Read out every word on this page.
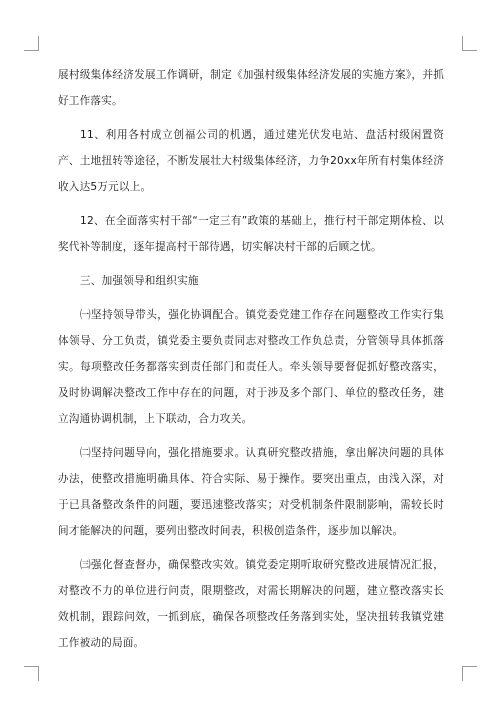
展村级集体经济发展工作调研，制定《加强村级集体经济发展的实施方案》，并抓好工作落实。

11、利用各村成立创福公司的机遇，通过建光伏发电站、盘活村级闲置资产、土地扭转等途径，不断发展壮大村级集体经济，力争20xx年所有村集体经济收入达5万元以上。

12、在全面落实村干部“一定三有”政策的基础上，推行村干部定期体检、以奖代补等制度，逐年提高村干部待遇，切实解决村干部的后顾之忧。

三、加强领导和组织实施

㈠坚持领导带头，强化协调配合。镇党委党建工作存在问题整改工作实行集体领导、分工负责，镇党委主要负责同志对整改工作负总责，分管领导具体抓落实。每项整改任务都落实到责任部门和责任人。牵头领导要督促抓好整改落实，及时协调解决整改工作中存在的问题，对于涉及多个部门、单位的整改任务，建立沟通协调机制，上下联动，合力攻关。

㈡坚持问题导向，强化措施要求。认真研究整改措施，拿出解决问题的具体办法，使整改措施明确具体、符合实际、易于操作。要突出重点，由浅入深，对于已具备整改条件的问题，要迅速整改落实；对受机制条件限制影响，需较长时间才能解决的问题，要列出整改时间表，积极创造条件，逐步加以解决。

㈢强化督查督办，确保整改实效。镇党委定期听取研究整改进展情况汇报，对整改不力的单位进行问责，限期整改，对需长期解决的问题，建立整改落实长效机制，跟踪问效，一抓到底，确保各项整改任务落到实处，坚决扭转我镇党建工作被动的局面。
